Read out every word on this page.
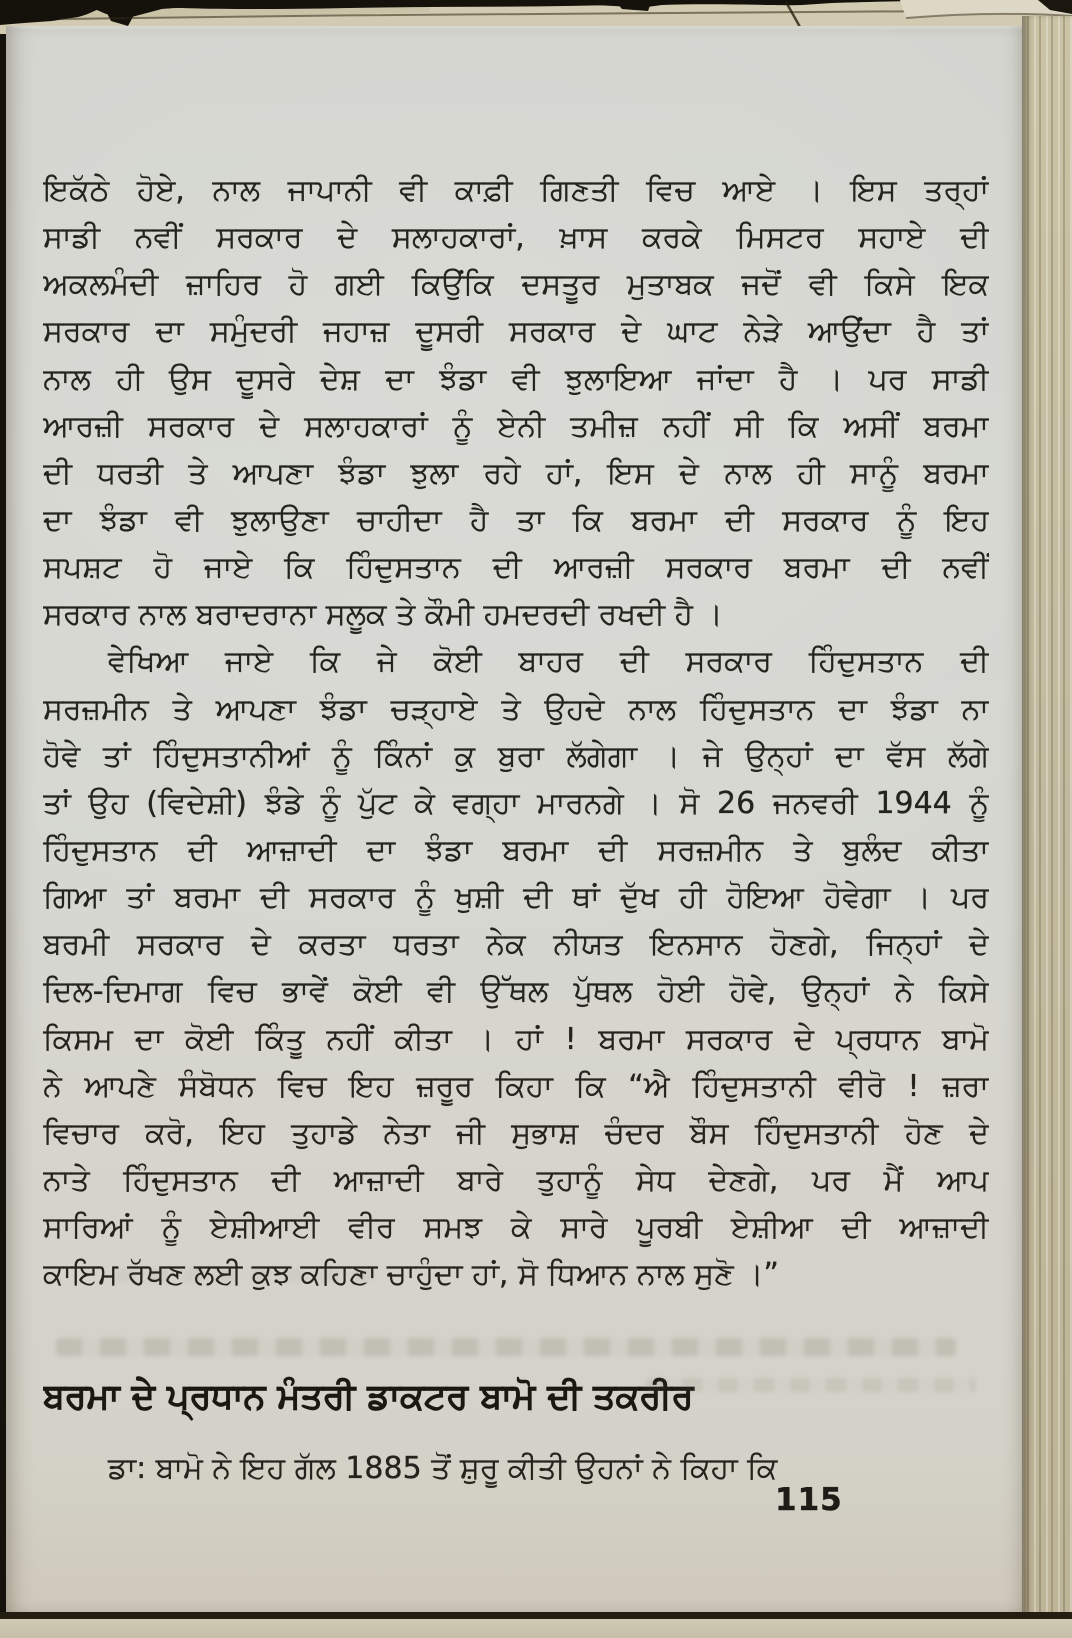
ਇਕੱਠੇ ਹੋਏ, ਨਾਲ ਜਾਪਾਨੀ ਵੀ ਕਾਫ਼ੀ ਗਿਣਤੀ ਵਿਚ ਆਏ । ਇਸ ਤਰ੍ਹਾਂ
ਸਾਡੀ ਨਵੀਂ ਸਰਕਾਰ ਦੇ ਸਲਾਹਕਾਰਾਂ, ਖ਼ਾਸ ਕਰਕੇ ਮਿਸਟਰ ਸਹਾਏ ਦੀ
ਅਕਲਮੰਦੀ ਜ਼ਾਹਿਰ ਹੋ ਗਈ ਕਿਉਂਕਿ ਦਸਤੂਰ ਮੁਤਾਬਕ ਜਦੋਂ ਵੀ ਕਿਸੇ ਇਕ
ਸਰਕਾਰ ਦਾ ਸਮੁੰਦਰੀ ਜਹਾਜ਼ ਦੂਸਰੀ ਸਰਕਾਰ ਦੇ ਘਾਟ ਨੇੜੇ ਆਉਂਦਾ ਹੈ ਤਾਂ
ਨਾਲ ਹੀ ਉਸ ਦੂਸਰੇ ਦੇਸ਼ ਦਾ ਝੰਡਾ ਵੀ ਝੁਲਾਇਆ ਜਾਂਦਾ ਹੈ । ਪਰ ਸਾਡੀ
ਆਰਜ਼ੀ ਸਰਕਾਰ ਦੇ ਸਲਾਹਕਾਰਾਂ ਨੂੰ ਏਨੀ ਤਮੀਜ਼ ਨਹੀਂ ਸੀ ਕਿ ਅਸੀਂ ਬਰਮਾ
ਦੀ ਧਰਤੀ ਤੇ ਆਪਣਾ ਝੰਡਾ ਝੁਲਾ ਰਹੇ ਹਾਂ, ਇਸ ਦੇ ਨਾਲ ਹੀ ਸਾਨੂੰ ਬਰਮਾ
ਦਾ ਝੰਡਾ ਵੀ ਝੁਲਾਉਣਾ ਚਾਹੀਦਾ ਹੈ ਤਾ ਕਿ ਬਰਮਾ ਦੀ ਸਰਕਾਰ ਨੂੰ ਇਹ
ਸਪਸ਼ਟ ਹੋ ਜਾਏ ਕਿ ਹਿੰਦੁਸਤਾਨ ਦੀ ਆਰਜ਼ੀ ਸਰਕਾਰ ਬਰਮਾ ਦੀ ਨਵੀਂ
ਸਰਕਾਰ ਨਾਲ ਬਰਾਦਰਾਨਾ ਸਲੂਕ ਤੇ ਕੌਮੀ ਹਮਦਰਦੀ ਰਖਦੀ ਹੈ ।
ਵੇਖਿਆ ਜਾਏ ਕਿ ਜੇ ਕੋਈ ਬਾਹਰ ਦੀ ਸਰਕਾਰ ਹਿੰਦੁਸਤਾਨ ਦੀ
ਸਰਜ਼ਮੀਨ ਤੇ ਆਪਣਾ ਝੰਡਾ ਚੜ੍ਹਾਏ ਤੇ ਉਹਦੇ ਨਾਲ ਹਿੰਦੁਸਤਾਨ ਦਾ ਝੰਡਾ ਨਾ
ਹੋਵੇ ਤਾਂ ਹਿੰਦੁਸਤਾਨੀਆਂ ਨੂੰ ਕਿੰਨਾਂ ਕੁ ਬੁਰਾ ਲੱਗੇਗਾ । ਜੇ ਉਨ੍ਹਾਂ ਦਾ ਵੱਸ ਲੱਗੇ
ਤਾਂ ਉਹ (ਵਿਦੇਸ਼ੀ) ਝੰਡੇ ਨੂੰ ਪੁੱਟ ਕੇ ਵਗ੍ਹਾ ਮਾਰਨਗੇ । ਸੋ 26 ਜਨਵਰੀ 1944 ਨੂੰ
ਹਿੰਦੁਸਤਾਨ ਦੀ ਆਜ਼ਾਦੀ ਦਾ ਝੰਡਾ ਬਰਮਾ ਦੀ ਸਰਜ਼ਮੀਨ ਤੇ ਬੁਲੰਦ ਕੀਤਾ
ਗਿਆ ਤਾਂ ਬਰਮਾ ਦੀ ਸਰਕਾਰ ਨੂੰ ਖੁਸ਼ੀ ਦੀ ਥਾਂ ਦੁੱਖ ਹੀ ਹੋਇਆ ਹੋਵੇਗਾ । ਪਰ
ਬਰਮੀ ਸਰਕਾਰ ਦੇ ਕਰਤਾ ਧਰਤਾ ਨੇਕ ਨੀਯਤ ਇਨਸਾਨ ਹੋਣਗੇ, ਜਿਨ੍ਹਾਂ ਦੇ
ਦਿਲ-ਦਿਮਾਗ ਵਿਚ ਭਾਵੇਂ ਕੋਈ ਵੀ ਉੱਥਲ ਪੁੱਥਲ ਹੋਈ ਹੋਵੇ, ਉਨ੍ਹਾਂ ਨੇ ਕਿਸੇ
ਕਿਸਮ ਦਾ ਕੋਈ ਕਿੰਤੂ ਨਹੀਂ ਕੀਤਾ । ਹਾਂ ! ਬਰਮਾ ਸਰਕਾਰ ਦੇ ਪ੍ਰਧਾਨ ਬਾਮੋ
ਨੇ ਆਪਣੇ ਸੰਬੋਧਨ ਵਿਚ ਇਹ ਜ਼ਰੂਰ ਕਿਹਾ ਕਿ “ਐ ਹਿੰਦੁਸਤਾਨੀ ਵੀਰੋ ! ਜ਼ਰਾ
ਵਿਚਾਰ ਕਰੋ, ਇਹ ਤੁਹਾਡੇ ਨੇਤਾ ਜੀ ਸੁਭਾਸ਼ ਚੰਦਰ ਬੌਸ ਹਿੰਦੁਸਤਾਨੀ ਹੋਣ ਦੇ
ਨਾਤੇ ਹਿੰਦੁਸਤਾਨ ਦੀ ਆਜ਼ਾਦੀ ਬਾਰੇ ਤੁਹਾਨੂੰ ਸੇਧ ਦੇਣਗੇ, ਪਰ ਮੈਂ ਆਪ
ਸਾਰਿਆਂ ਨੂੰ ਏਸ਼ੀਆਈ ਵੀਰ ਸਮਝ ਕੇ ਸਾਰੇ ਪੂਰਬੀ ਏਸ਼ੀਆ ਦੀ ਆਜ਼ਾਦੀ
ਕਾਇਮ ਰੱਖਣ ਲਈ ਕੁਝ ਕਹਿਣਾ ਚਾਹੁੰਦਾ ਹਾਂ, ਸੋ ਧਿਆਨ ਨਾਲ ਸੁਣੋ ।”
ਬਰਮਾ ਦੇ ਪ੍ਰਧਾਨ ਮੰਤਰੀ ਡਾਕਟਰ ਬਾਮੋ ਦੀ ਤਕਰੀਰ
ਡਾ: ਬਾਮੋ ਨੇ ਇਹ ਗੱਲ 1885 ਤੋਂ ਸ਼ੁਰੂ ਕੀਤੀ ਉਹਨਾਂ ਨੇ ਕਿਹਾ ਕਿ
115
